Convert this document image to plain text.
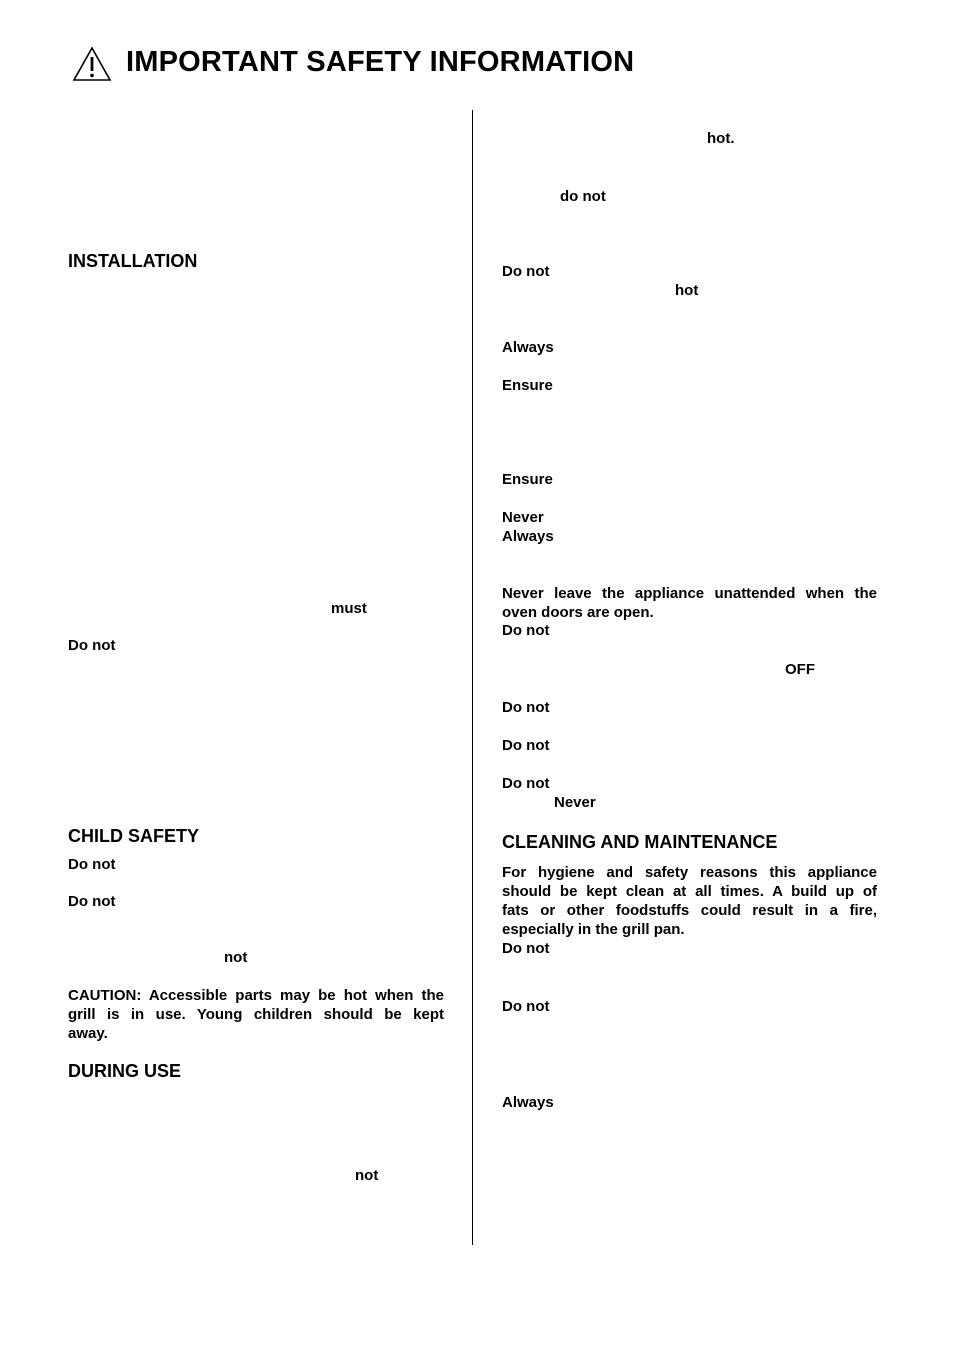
IMPORTANT SAFETY INFORMATION
INSTALLATION
must
Do not
CHILD SAFETY
Do not
Do not
not
CAUTION: Accessible parts may be hot when the
grill is in use. Young children should be kept
away.
DURING USE
not
hot.
do not
Do not
hot
Always
Ensure
Ensure
Never
Always
Never leave the appliance unattended when the
oven doors are open.
Do not
OFF
Do not
Do not
Do not
Never
CLEANING AND MAINTENANCE
For hygiene and safety reasons this appliance
should be kept clean at all times. A build up of
fats or other foodstuffs could result in a fire,
especially in the grill pan.
Do not
Do not
Always
